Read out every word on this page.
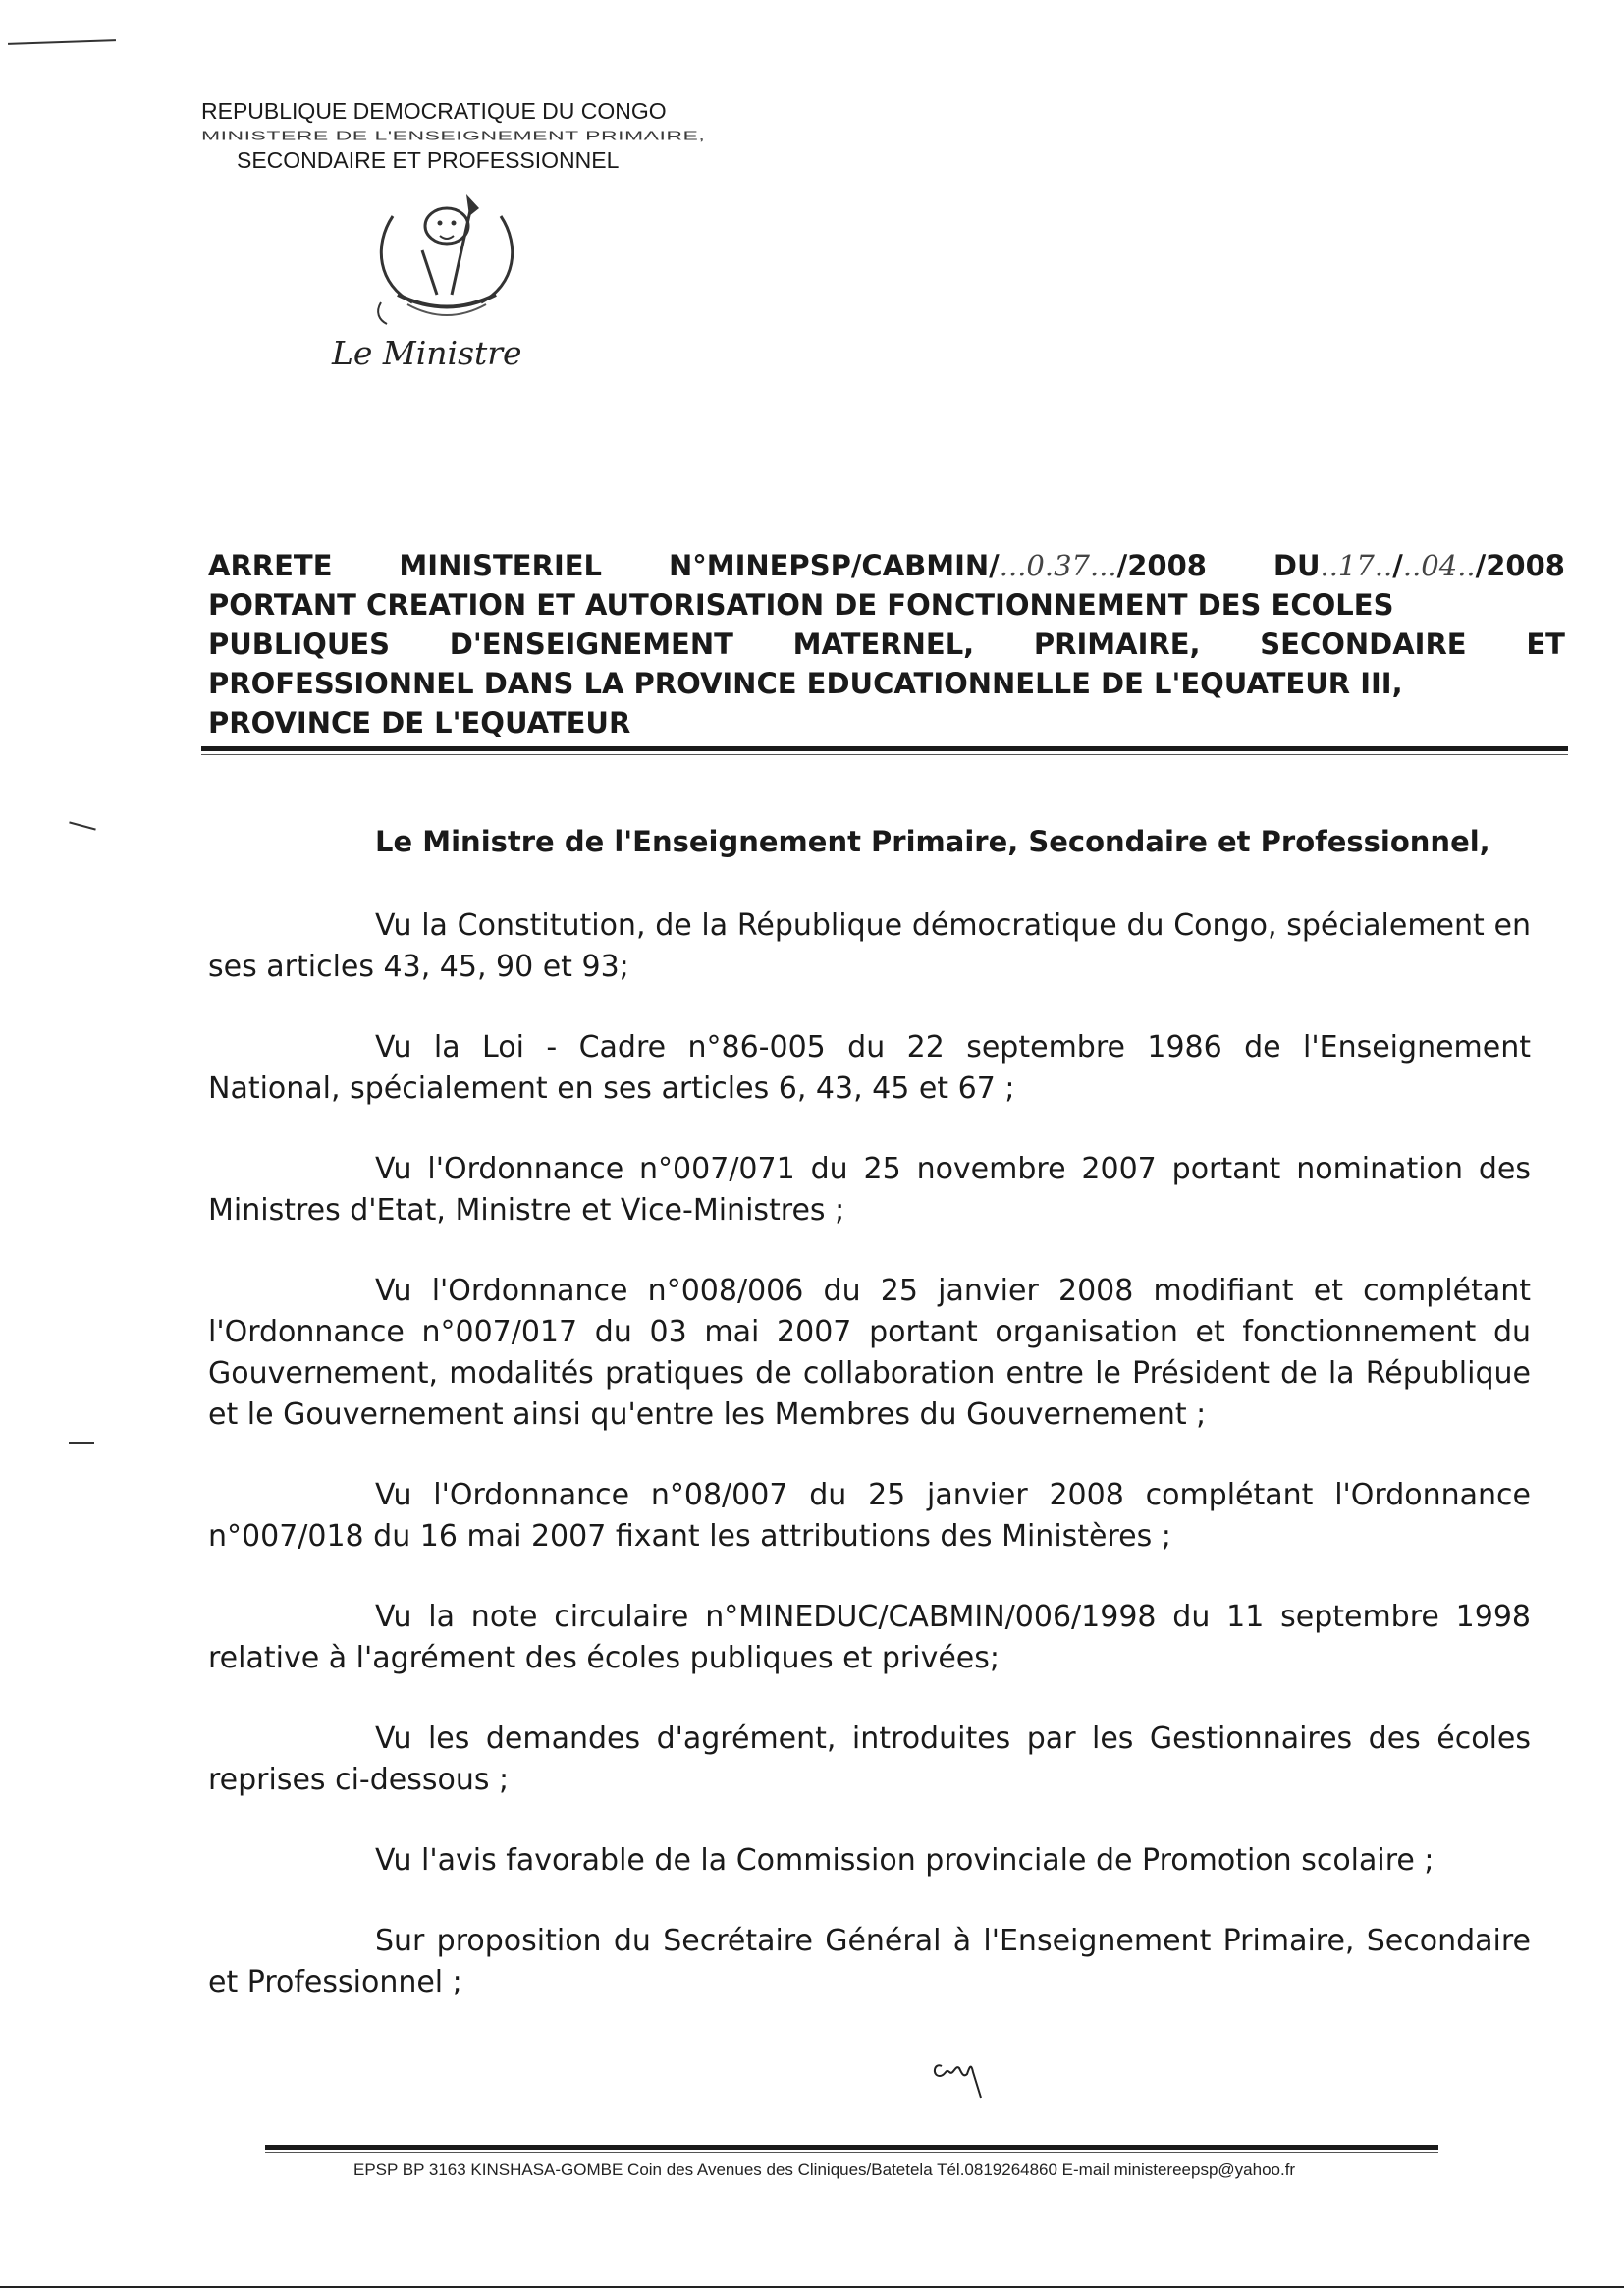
REPUBLIQUE DEMOCRATIQUE DU CONGO
MINISTERE DE L'ENSEIGNEMENT PRIMAIRE,
SECONDAIRE ET PROFESSIONNEL
Le Ministre
ARRETE MINISTERIEL N°MINEPSP/CABMIN/...0.37.../2008 DU..17../..04../2008
PORTANT CREATION ET AUTORISATION DE FONCTIONNEMENT DES ECOLES
PUBLIQUES D'ENSEIGNEMENT MATERNEL, PRIMAIRE, SECONDAIRE ET
PROFESSIONNEL DANS LA PROVINCE EDUCATIONNELLE DE L'EQUATEUR III,
PROVINCE DE L'EQUATEUR
Le Ministre de l'Enseignement Primaire, Secondaire et Professionnel,

Vu la Constitution, de la République démocratique du Congo, spécialement en ses articles 43, 45, 90 et 93;

Vu la Loi - Cadre n°86-005 du 22 septembre 1986 de l'Enseignement National, spécialement en ses articles 6, 43, 45 et 67 ;

Vu l'Ordonnance n°007/071 du 25 novembre 2007 portant nomination des Ministres d'Etat, Ministre et Vice-Ministres ;

Vu l'Ordonnance n°008/006 du 25 janvier 2008 modifiant et complétant l'Ordonnance n°007/017 du 03 mai 2007 portant organisation et fonctionnement du Gouvernement, modalités pratiques de collaboration entre le Président de la République et le Gouvernement ainsi qu'entre les Membres du Gouvernement ;

Vu l'Ordonnance n°08/007 du 25 janvier 2008 complétant l'Ordonnance n°007/018 du 16 mai 2007 fixant les attributions des Ministères ;

Vu la note circulaire n°MINEDUC/CABMIN/006/1998 du 11 septembre 1998 relative à l'agrément des écoles publiques et privées;

Vu les demandes d'agrément, introduites par les Gestionnaires des écoles reprises ci-dessous ;

Vu l'avis favorable de la Commission provinciale de Promotion scolaire ;

Sur proposition du Secrétaire Général à l'Enseignement Primaire, Secondaire et Professionnel ;

EPSP BP 3163 KINSHASA-GOMBE Coin des Avenues des Cliniques/Batetela Tél.0819264860 E-mail ministereepsp@yahoo.fr
